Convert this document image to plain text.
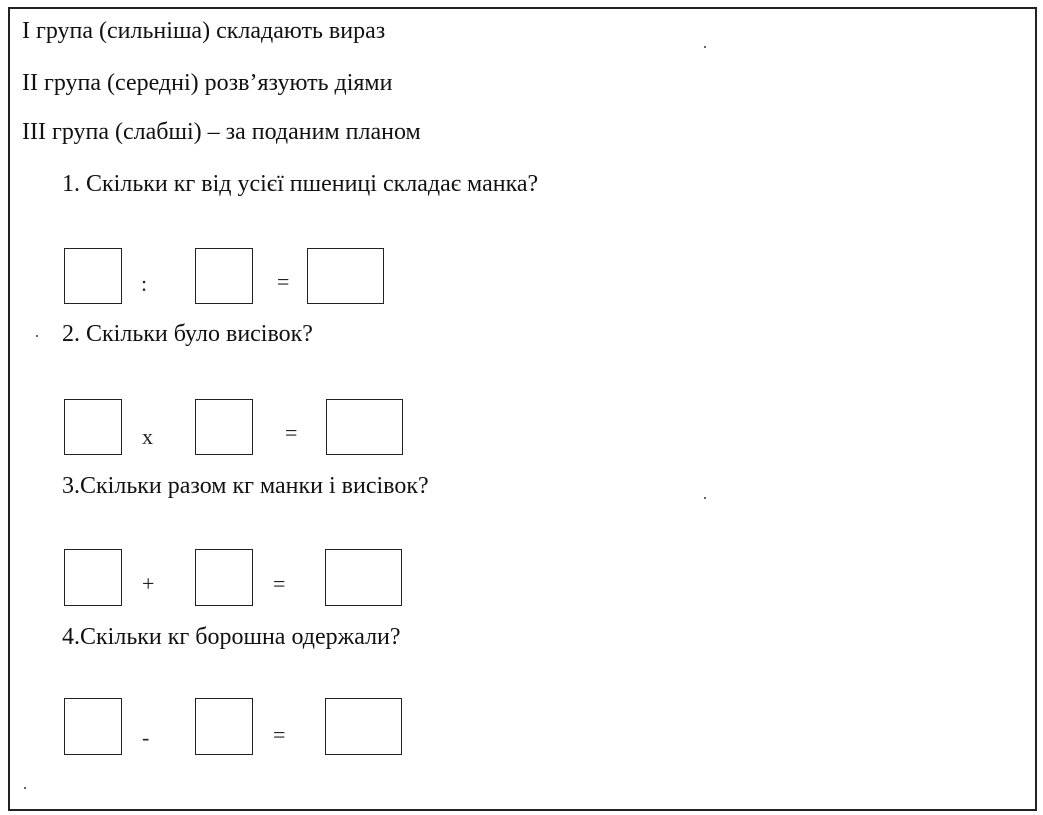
І група (сильніша) складають вираз
ІІ група (середні) розв’язують діями
ІІІ група (слабші) – за поданим планом
1. Скільки кг від усієї пшениці складає манка?
:	=
2. Скільки було висівок?
x	=
3.Скільки разом кг манки і висівок?
+	=
4.Скільки кг борошна одержали?
-	=
